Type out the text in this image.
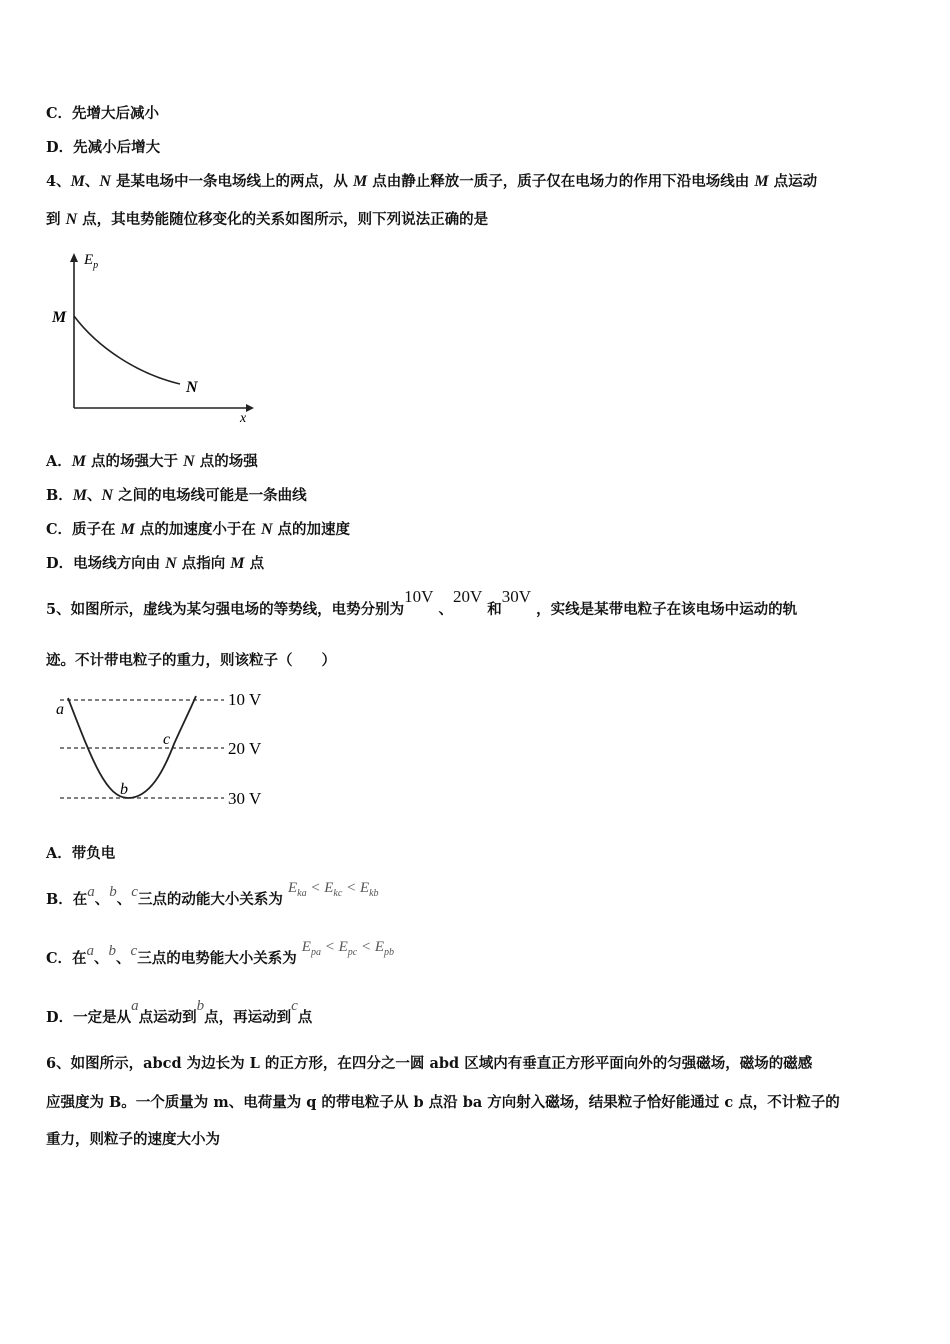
C．先增大后减小
D．先减小后增大
4、M、N 是某电场中一条电场线上的两点，从 M 点由静止释放一质子，质子仅在电场力的作用下沿电场线由 M 点运动
到 N 点，其电势能随位移变化的关系如图所示，则下列说法正确的是
$E_p$
x
M
N
A．M 点的场强大于 N 点的场强
B．M、N 之间的电场线可能是一条曲线
C．质子在 M 点的加速度小于在 N 点的加速度
D．电场线方向由 N 点指向 M 点
5、如图所示，虚线为某匀强电场的等势线，电势分别为10V 、20V 和30V ，实线是某带电粒子在该电场中运动的轨
迹。不计带电粒子的重力，则该粒子（　　）
10 V
20 V
30 V
a
b
c
A．带负电
B．在a、b、c三点的动能大小关系为 $E_{ka} < E_{kc} < E_{kb}$
C．在a、b、c三点的电势能大小关系为 $E_{pa} < E_{pc} < E_{pb}$
D．一定是从a点运动到b点，再运动到c点
6、如图所示，abcd 为边长为 L 的正方形，在四分之一圆 abd 区域内有垂直正方形平面向外的匀强磁场，磁场的磁感
应强度为 B。一个质量为 m、电荷量为 q 的带电粒子从 b 点沿 ba 方向射入磁场，结果粒子恰好能通过 c 点，不计粒子的
重力，则粒子的速度大小为
